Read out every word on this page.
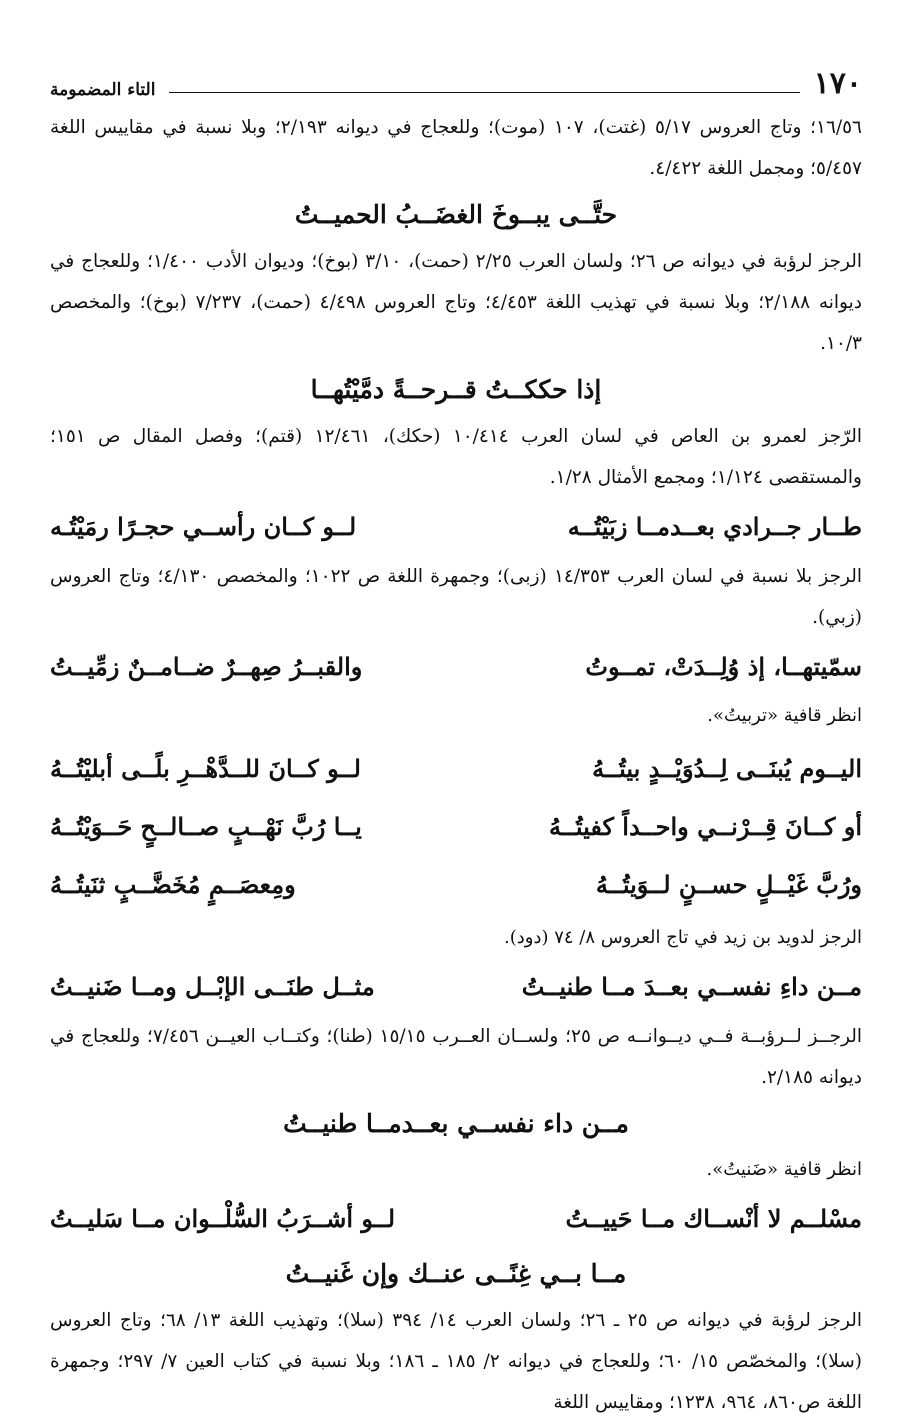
١٧٠
التاء المضمومة

١٦/٥٦؛ وتاج العروس ٥/١٧ (غتت)، ١٠٧ (موت)؛ وللعجاج في ديوانه ٢/١٩٣؛ وبلا نسبة في مقاييس اللغة ٥/٤٥٧؛ ومجمل اللغة ٤/٤٢٢.

حتَّــى يبــوخَ الغضَــبُ الحميــتُ

الرجز لرؤبة في ديوانه ص ٢٦؛ ولسان العرب ٢/٢٥ (حمت)، ٣/١٠ (بوخ)؛ وديوان الأدب ١/٤٠٠؛ وللعجاج في ديوانه ٢/١٨٨؛ وبلا نسبة في تهذيب اللغة ٤/٤٥٣؛ وتاج العروس ٤/٤٩٨ (حمت)، ٧/٢٣٧ (بوخ)؛ والمخصص ١٠/٣.

إذا حككــتُ قــرحــةً دمَّيْتُهــا

الرّجز لعمرو بن العاص في لسان العرب ١٠/٤١٤ (حكك)، ١٢/٤٦١ (قتم)؛ وفصل المقال ص ١٥١؛ والمستقصى ١/١٢٤؛ ومجمع الأمثال ١/٢٨.

طــار جــرادي بعــدمــا زبَيْتُــه
لــو كــان رأســي حجـرًا رمَيْتُـه

الرجز بلا نسبة في لسان العرب ١٤/٣٥٣ (زبى)؛ وجمهرة اللغة ص ١٠٢٢؛ والمخصص ٤/١٣٠؛ وتاج العروس (زبي).

سمّيتهــا، إذ وُلِــدَتْ، تمــوتُ
والقبــرُ صِهــرٌ ضــامــنٌ زمِّيــتُ

انظر قافية «تربيتُ».

اليــوم يُبنَــى لِــدُوَيْــدٍ بيتُــهُ
لــو كــانَ للــدَّهْــرِ بلًــى أبليْتُــهُ
أو كــانَ قِــرْنــي واحــداً كفيتُــهُ
يــا رُبَّ نَهْــبٍ صــالــحٍ حَــوَيْتُــهُ
ورُبَّ غَيْــلٍ حســنٍ لــوَيتُــهُ
ومِعصَــمٍ مُخَضَّــبٍ ثنَيتُــهُ

الرجز لدويد بن زيد في تاج العروس ٨/ ٧٤ (دود).

مــن داءِ نفســي بعــدَ مــا طنيــتُ
مثــل طنَــى الإبْــل ومــا ضَنيــتُ

الرجــز لــرؤبــة فــي ديــوانــه ص ٢٥؛ ولســان العــرب ١٥/١٥ (طنا)؛ وكتــاب العيــن ٧/٤٥٦؛ وللعجاج في ديوانه ٢/١٨٥.

مــن داء نفســي بعــدمــا طنيــتُ

انظر قافية «ضَنيتُ».

مسْلــم لا أنْســاك مــا حَييــتُ
لــو أشــرَبُ السُّلْــوان مــا سَليــتُ

مــا بــي غِنًــى عنــك وإن غَنيــتُ

الرجز لرؤبة في ديوانه ص ٢٥ ـ ٢٦؛ ولسان العرب ١٤/ ٣٩٤ (سلا)؛ وتهذيب اللغة ١٣/ ٦٨؛ وتاج العروس (سلا)؛ والمخصّص ١٥/ ٦٠؛ وللعجاج في ديوانه ٢/ ١٨٥ ـ ١٨٦؛ وبلا نسبة في كتاب العين ٧/ ٢٩٧؛ وجمهرة اللغة ص٨٦٠، ٩٦٤، ١٢٣٨؛ ومقاييس اللغة
